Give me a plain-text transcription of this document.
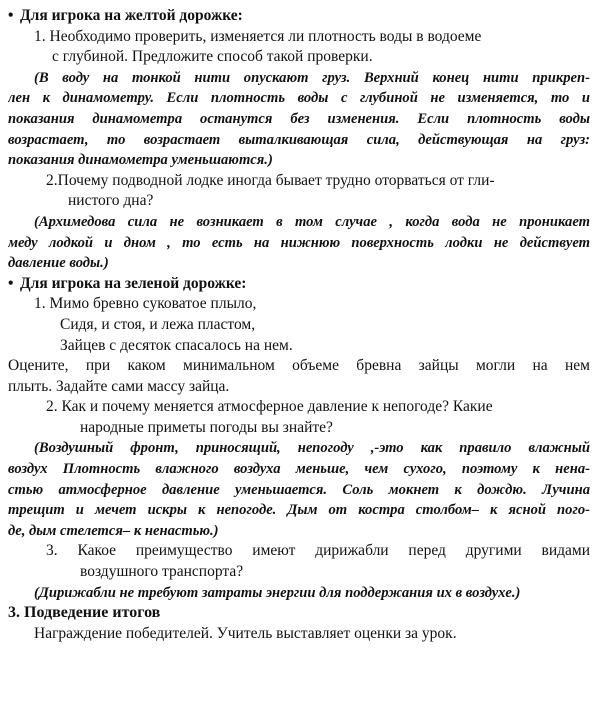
• Для игрока на желтой дорожке:
1. Необходимо проверить, изменяется ли плотность воды в водоеме
с глубиной. Предложите способ такой проверки.
(В воду на тонкой нити опускают груз. Верхний конец нити прикреп-
лен к динамометру. Если плотность воды с глубиной не изменяется, то и
показания динамометра останутся без изменения. Если плотность воды
возрастает, то возрастает выталкивающая сила, действующая на груз:
показания динамометра уменьшаются.)
2.Почему подводной лодке иногда бывает трудно оторваться от гли-
нистого дна?
(Архимедова сила не возникает в том случае , когда вода не проникает
меду лодкой и дном , то есть на нижнюю поверхность лодки не действует
давление воды.)
• Для игрока на зеленой дорожке:
1. Мимо бревно суковатое плыло,
Сидя, и стоя, и лежа пластом,
Зайцев с десяток спасалось на нем.
Оцените, при каком минимальном объеме бревна зайцы могли на нем
плыть. Задайте сами массу зайца.
2. Как и почему меняется атмосферное давление к непогоде? Какие
народные приметы погоды вы знайте?
(Воздушный фронт, приносящий, непогоду ,-это как правило влажный
воздух Плотность влажного воздуха меньше, чем сухого, поэтому к нена-
стью атмосферное давление уменьшается. Соль мокнет к дождю. Лучина
трещит и мечет искры к непогоде. Дым от костра столбом– к ясной пого-
де, дым стелется– к ненастью.)
3. Какое преимущество имеют дирижабли перед другими видами
воздушного транспорта?
(Дирижабли не требуют затраты энергии для поддержания их в воздухе.)
3. Подведение итогов
Награждение победителей. Учитель выставляет оценки за урок.
